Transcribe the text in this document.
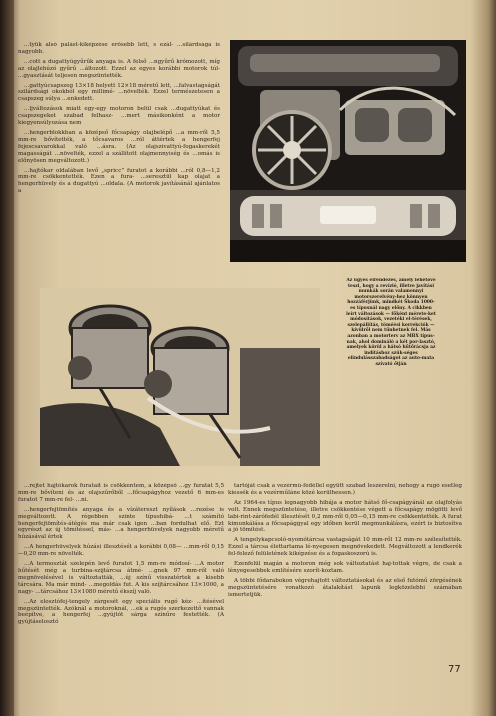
...tyük alsó palást-kiképzése erősebb lett, s ezál- ...silárdsága is nagyobb.

...cott a dugattyúgyűrűk anyaga is. A felső ...ngyűrű krómozott, míg az olajlehúzó gyűrű ...áltozott. Ezzel az egyes korábbi motorok túl- ...gyasztását teljesen megszüntették.

...gattyúcsapszeg 13×18 helyett 12×18 méretű lett, ...falvastagságát szilárdsági okokból egy millimé- ...növelték. Ezzel természetesen a csapszeg súlya ...enkedett.

...ljváltozások miatt egy-egy motoron belül csak ...dugattyúkat és csapszegeket szabad felhasz- ...mert másikonként a motor kiegyensúlyozása nem

...hengerblokkban a középső főcsapágy olajbelépő ...a mm-ről 5,5 mm-re bővítették, a tőcsavaros ...ról áttértek a hengerfej fejescsavarokkal való ...ásra. (Az olajszivattyú-fogaskerekét magasságát ...növelték, ezzel a szállított olajmennyiség és ...omás is előnyösen megváltozott.)

...hajtókar oldalában levő „spriccˮ furatot a korábbi ...ról 0,8—1,2 mm-re csökkentették. Ezen a fura- ...seresztül kap olajat a hengerhüvely és a dugattyú ...oldala. (A motorok javításánál ajánlatos a

Az ügyes elrendezés, amely lehetővé teszi, hogy a revízió, illetve javítási munkák során valamennyi motorszerelvény-hez könnyen hozzáférjünk, mindkét Škoda 1000-es típusnál nagy előny. A cikkben leírt változások — főként mérete-ket módosítások, vezetéki el-térések, szelepállítás, töméési korrekciók — kívülről nem tűnhetnek fel. Más azonban a motorterv az MBX típus-nak, ahol domináló a két por-lasztó, amelyek körül a hátsó hűtőrácsja az indításhoz szük-séges elindulásszabadságot az auto-mata szívató őtján

...rejtet hajtókarok furatait is csökkentem, a középső ...gy furatát 5,5 mm-re bővíteni és az olajszűrőből ...főcsapágyhoz vezető 6 mm-es furatot 7 mm-re fel- ...ni.

...hengerfejtömítés anyaga és a vízátereszt nyílások ...rezése is megváltozott. A régebben szinte típushibá- ...t számító hengerfejtömítés-átégés ma már csak igen ...ban fordulhat elő. Ezt egyrészt az új tömítéssel, más- ...a hengerhüvelyek nagyobb méretű húzásával értek

...A hengerhüvelyek húzási illesztését a korábbi 0,08— ...mm-ről 0,15—0,20 mm-re növelték.

...A termosztát szelepén levő furatot 1,5 mm-re módosí- ...A motor hűtését még a turbina-szijtárcsa átmé- ...gnek 97 mm-ről való megnövelésével is változtatták, ...új színű visszatértek a kisebb tárcsára. Ma már mind- ...megoldás fut. A kis szíjtárcsához 13×1000, a nagy- ...tárcsához 13×1080 méretű ékszíj való.

...Az elosztófej-tengely zárgesét egy speciális rugó kéz- ...ítésével megszüntették. Azóknál a motoroknál, ...ek a rugós szerkezettő vannak beépítve, a hengerfej ...gyújtót sárga színűre festették. (A gyújtáselosztó

tartóját csak a vezérmű-fedéllel együtt szabad leszerelni, nehogy a rugó esetleg kiessék és a vezérműláne közé kerülhessen.)

Az 1964-es típus legnagyobb hibája a motor hátsó fő-csapágyánál az olajfolyás volt. Ennek megszüntetése, illetve csökkentése végett a főcsapágy mögötti levő labi-rint-zárófedél illesztését 0,2 mm-ről 0,05—0,15 mm-re csökkentették. A furat kimunkálása a főcsapággyal egy időben kerül megmunkálásra, ezért is biztosítva a jó tömítést.

A tengelykapcsoló-nyomótárcsa vastagságát 10 mm-ről 12 mm-re szélesítették. Ezzel a tárcsa élettartama lé-nyegesen megnövekedett. Megváltozott a lendkerék fel-felező felületének kiképzése és a fogaskoszorú is.

Ezenfelül magán a motoron még sok változtatást haj-tottak végre, de csak a lényegesebbek említésére szorít-koztam.

A többi fődarabokon végrehajtott változtatásokat és az első futómű zörgésének megszüntetésére vonatkozó átalakítást lapunk legközelebbi számában ismertetjük.

77
